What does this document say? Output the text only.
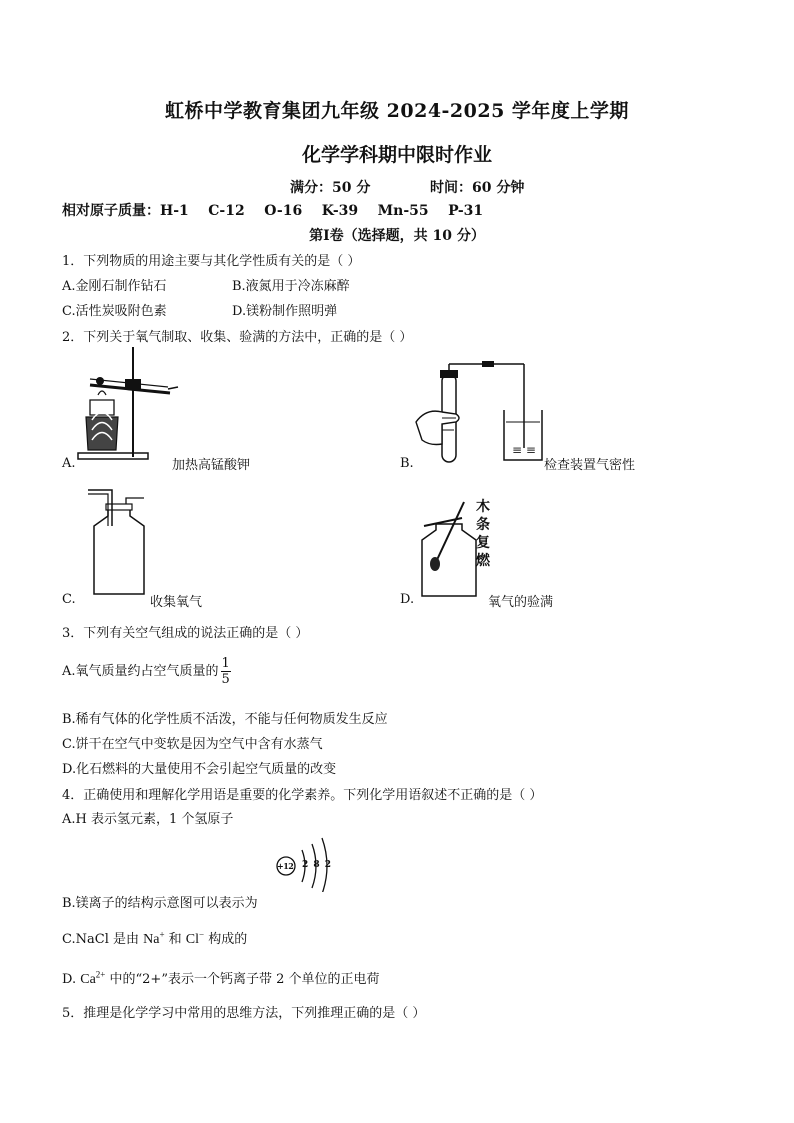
虹桥中学教育集团九年级 2024-2025 学年度上学期
化学学科期中限时作业
满分：50 分	时间：60 分钟
相对原子质量：H-1    C-12    O-16    K-39    Mn-55    P-31
第Ⅰ卷（选择题，共 10 分）
1．下列物质的用途主要与其化学性质有关的是（ ）
A.金刚石制作钻石	B.液氮用于冷冻麻醉
C.活性炭吸附色素	D.镁粉制作照明弹
2．下列关于氧气制取、收集、验满的方法中，正确的是（ ）
A.	加热高锰酸钾
≡ ≡
B.	检查装置气密性
C.	收集氧气
木
条
复
燃
D.	氧气的验满
3．下列有关空气组成的说法正确的是（ ）
A.氧气质量约占空气质量的 $\frac{1}{5}$
B.稀有气体的化学性质不活泼，不能与任何物质发生反应
C.饼干在空气中变软是因为空气中含有水蒸气
D.化石燃料的大量使用不会引起空气质量的改变
4．正确使用和理解化学用语是重要的化学素养。下列化学用语叙述不正确的是（ ）
A.H 表示氢元素，1 个氢原子
+12 2 8 2
B.镁离子的结构示意图可以表示为
C.NaCl 是由 Na+ 和 Cl− 构成的
D. $Ca^{2+}$ 中的“2+”表示一个钙离子带 2 个单位的正电荷
5．推理是化学学习中常用的思维方法，下列推理正确的是（ ）
